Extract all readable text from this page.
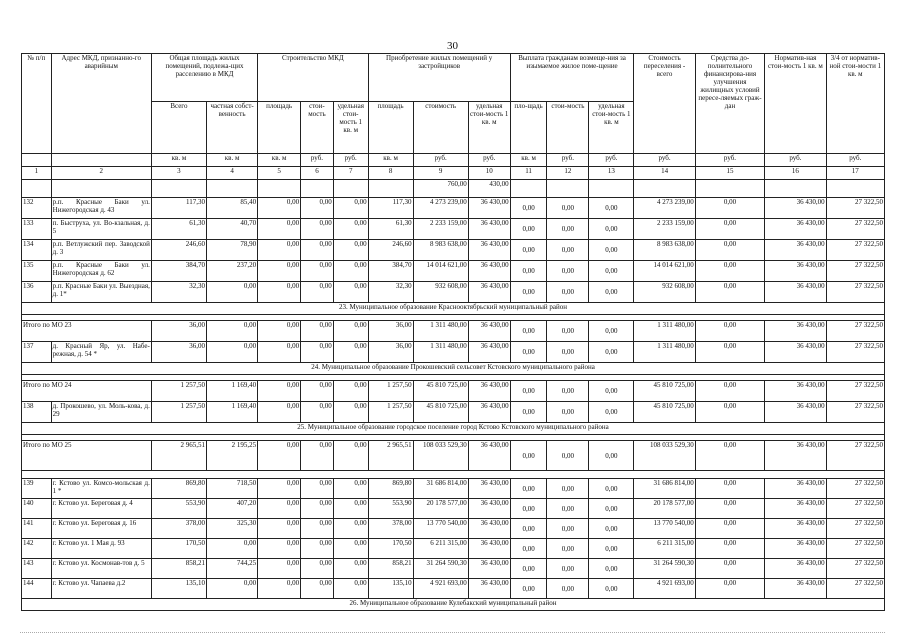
30
№ п/п	Адрес МКД, признанно-го аварийным	Общая площадь жилых помещений, подлежа-щих расселению в МКД		Строительство МКД			Приобретение жилых помещений у застройщиков			Выплата гражданам возмеще-ния за изымаемое жилое поме-щение			Стоимость переселения - всего	Средства до-полнительного финансирова-ния улучшения жилищных условий пересе-ляемых граж-дан	Норматив-ная стои-мость 1 кв. м	3/4 от норматив-ной стои-мости 1 кв. м
		Всего	частная собст-венность	площадь	стои-мость	удельная стои-мость 1 кв. м	площадь	стоимость	удельная стои-мость 1 кв. м	пло-щадь	стои-мость	удельная стои-мость 1 кв. м				
		кв. м	кв. м	кв. м	руб.	руб.	кв. м	руб.	руб.	кв. м	руб.	руб.	руб.	руб.	руб.	руб.
1	2	3	4	5	6	7	8	9	10	11	12	13	14	15	16	17
								760,00	430,00							
132	р.п. Красные Баки ул. Нижегородская д. 43	117,30	85,40	0,00	0,00	0,00	117,30	4 273 239,00	36 430,00	0,00	0,00	0,00	4 273 239,00	0,00	36 430,00	27 322,50
133	п. Быструха, ул. Во-кзальная, д. 5	61,30	40,70	0,00	0,00	0,00	61,30	2 233 159,00	36 430,00	0,00	0,00	0,00	2 233 159,00	0,00	36 430,00	27 322,50
134	р.п. Ветлужский пер. Заводской д. 3	246,60	78,90	0,00	0,00	0,00	246,60	8 983 638,00	36 430,00	0,00	0,00	0,00	8 983 638,00	0,00	36 430,00	27 322,50
135	р.п. Красные Баки ул. Нижегородская д. 62	384,70	237,20	0,00	0,00	0,00	384,70	14 014 621,00	36 430,00	0,00	0,00	0,00	14 014 621,00	0,00	36 430,00	27 322,50
136	р.п. Красные Баки ул. Выездная, д. 1*	32,30	0,00	0,00	0,00	0,00	32,30	932 608,00	36 430,00	0,00	0,00	0,00	932 608,00	0,00	36 430,00	27 322,50
23. Муниципальное образование Краснооктябрьский муниципальный район																

Итого по МО 23		36,00	0,00	0,00	0,00	0,00	36,00	1 311 480,00	36 430,00	0,00	0,00	0,00	1 311 480,00	0,00	36 430,00	27 322,50
137	д. Красный Яр, ул. Набе-режная, д. 54 *	36,00	0,00	0,00	0,00	0,00	36,00	1 311 480,00	36 430,00	0,00	0,00	0,00	1 311 480,00	0,00	36 430,00	27 322,50
24. Муниципальное образование Прокошевский сельсовет Кстовского муниципального района																

Итого по МО 24		1 257,50	1 169,40	0,00	0,00	0,00	1 257,50	45 810 725,00	36 430,00	0,00	0,00	0,00	45 810 725,00	0,00	36 430,00	27 322,50
138	д. Прокошево, ул. Моль-кова, д. 29	1 257,50	1 169,40	0,00	0,00	0,00	1 257,50	45 810 725,00	36 430,00	0,00	0,00	0,00	45 810 725,00	0,00	36 430,00	27 322,50
25. Муниципальное образование городское поселение город Кстово Кстовского муниципального района																

Итого по МО 25		2 965,51	2 195,25	0,00	0,00	0,00	2 965,51	108 033 529,30	36 430,00	0,00	0,00	0,00	108 033 529,30	0,00	36 430,00	27 322,50

139	г. Кстово ул. Комсо-мольская д. 1 *	869,80	718,50	0,00	0,00	0,00	869,80	31 686 814,00	36 430,00	0,00	0,00	0,00	31 686 814,00	0,00	36 430,00	27 322,50
140	г. Кстово ул. Береговая д. 4	553,90	407,20	0,00	0,00	0,00	553,90	20 178 577,00	36 430,00	0,00	0,00	0,00	20 178 577,00	0,00	36 430,00	27 322,50
141	г. Кстово ул. Береговая д. 16	378,00	325,30	0,00	0,00	0,00	378,00	13 770 540,00	36 430,00	0,00	0,00	0,00	13 770 540,00	0,00	36 430,00	27 322,50
142	г. Кстово ул. 1 Мая д. 93	170,50	0,00	0,00	0,00	0,00	170,50	6 211 315,00	36 430,00	0,00	0,00	0,00	6 211 315,00	0,00	36 430,00	27 322,50
143	г. Кстово ул. Космонав-тов д. 5	858,21	744,25	0,00	0,00	0,00	858,21	31 264 590,30	36 430,00	0,00	0,00	0,00	31 264 590,30	0,00	36 430,00	27 322,50
144	г. Кстово ул. Чапаева д.2	135,10	0,00	0,00	0,00	0,00	135,10	4 921 693,00	36 430,00	0,00	0,00	0,00	4 921 693,00	0,00	36 430,00	27 322,50
26. Муниципальное образование Кулебакский муниципальный район																
